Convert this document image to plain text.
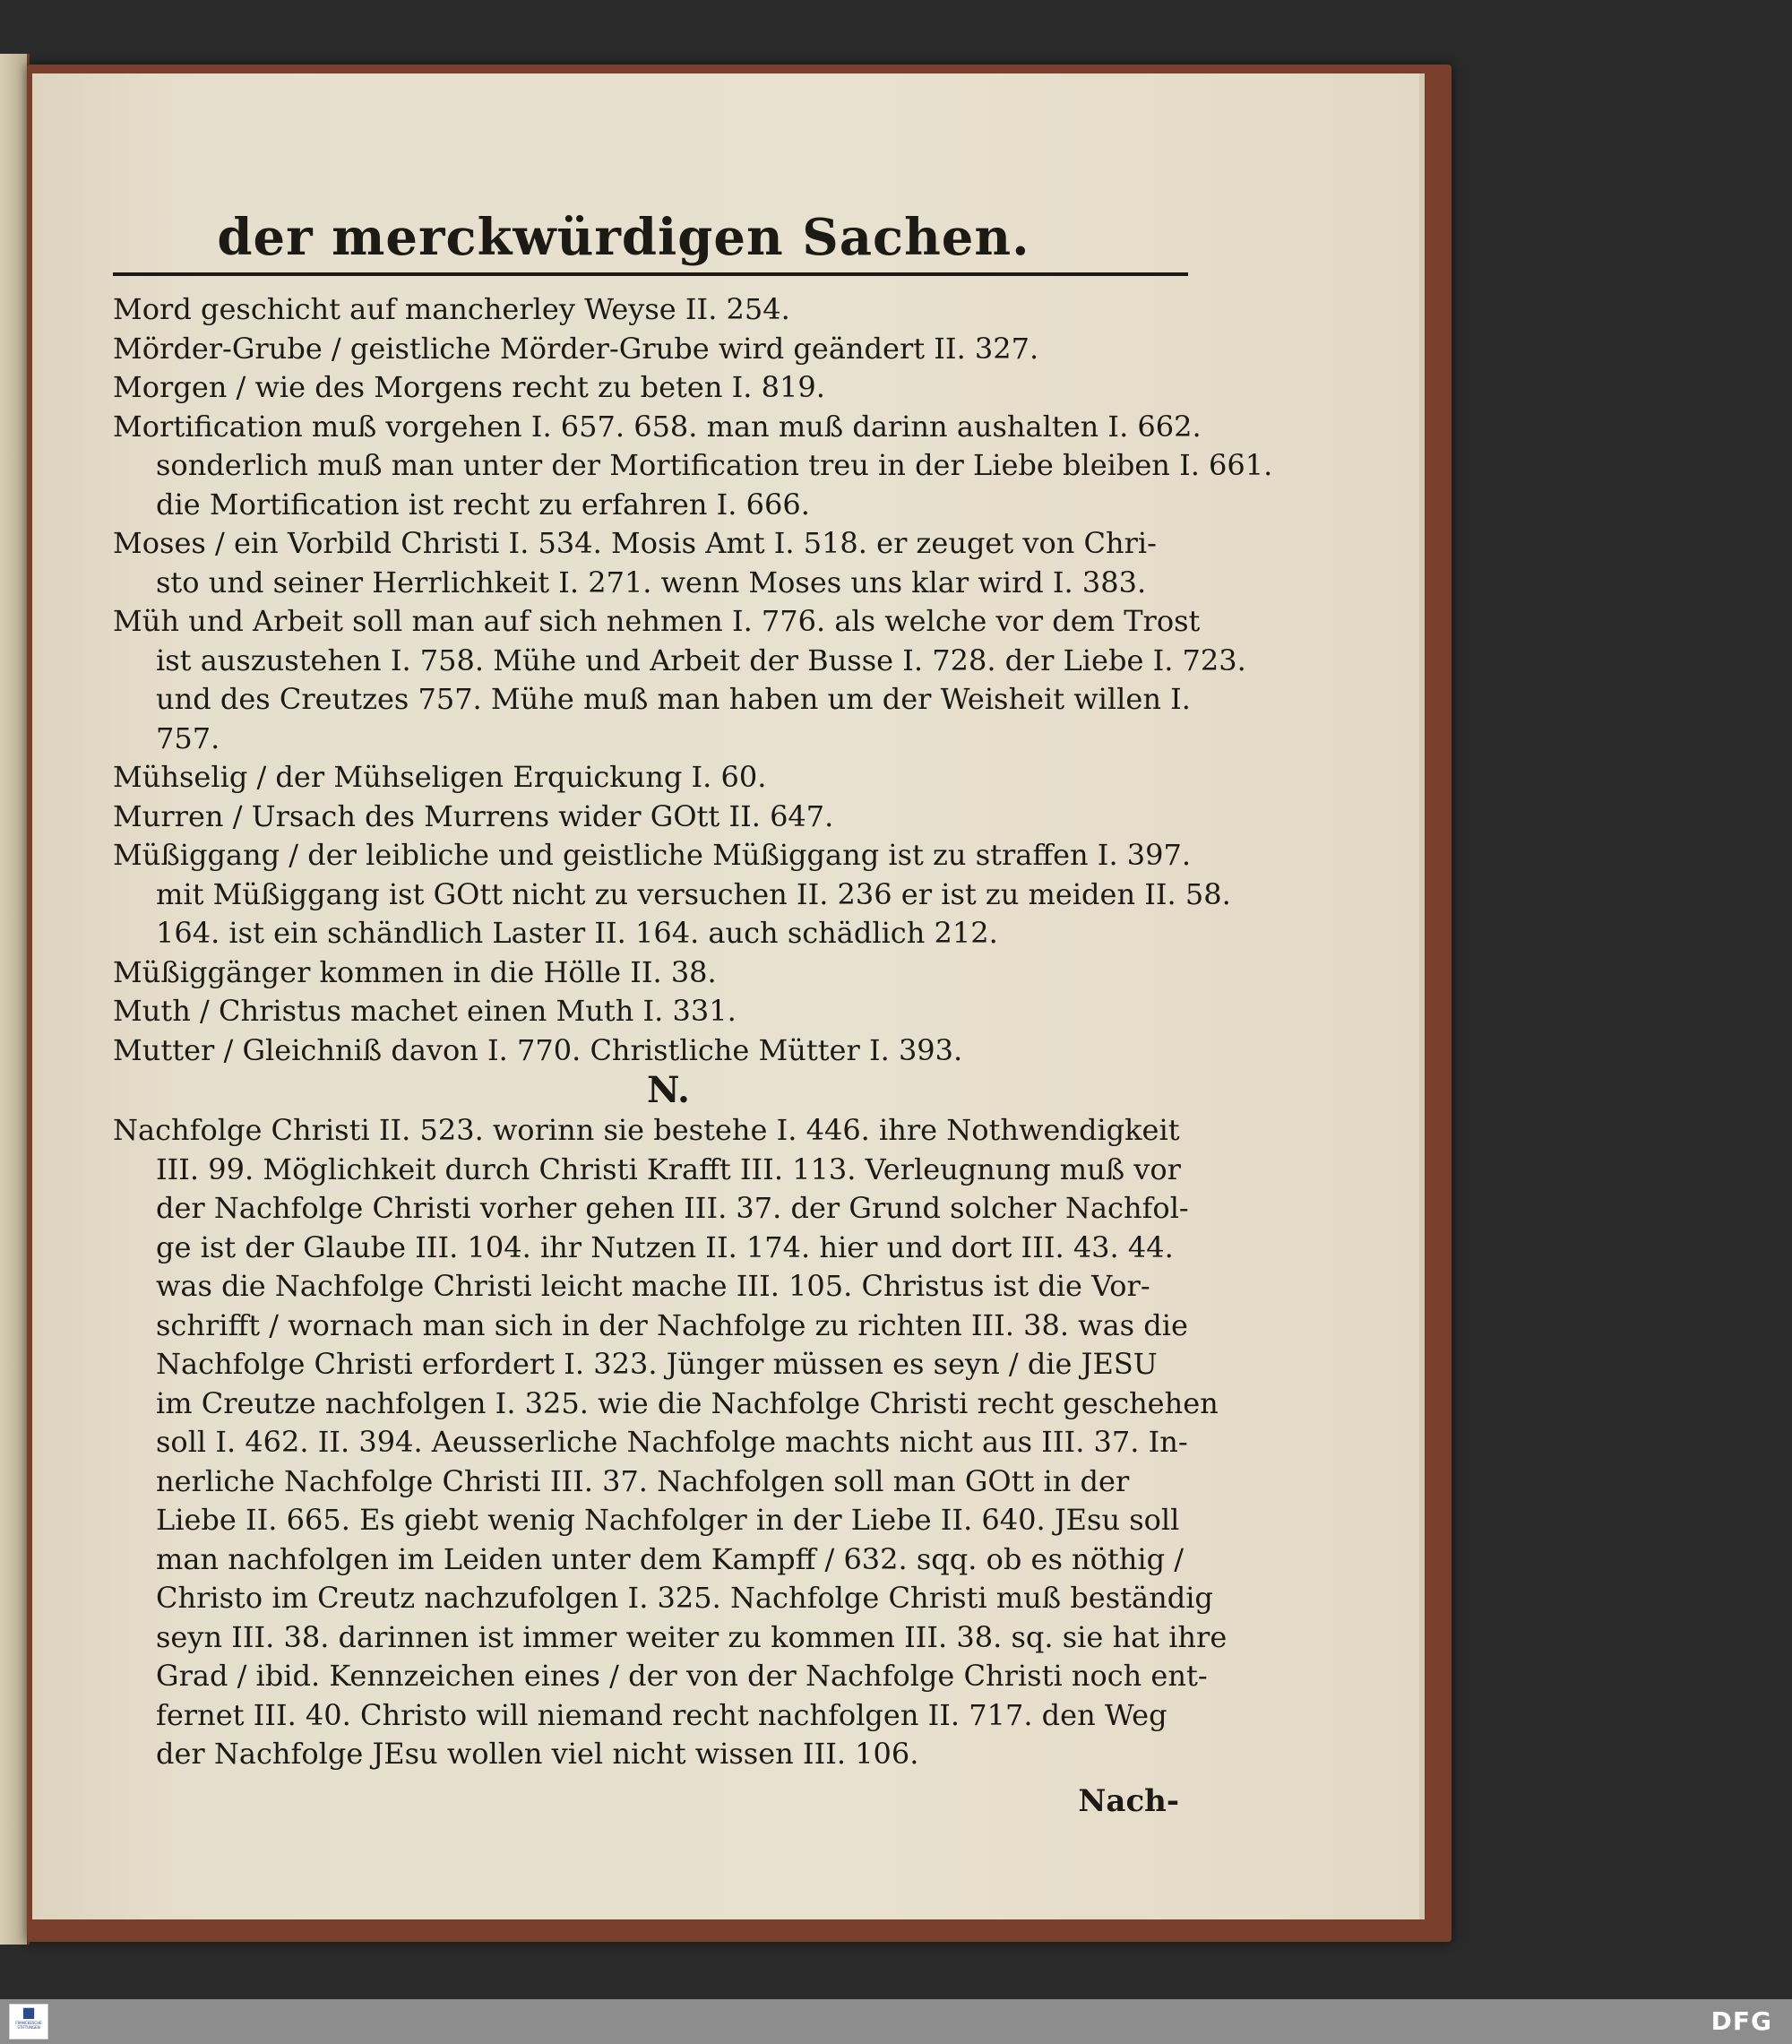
der merckwürdigen Sachen.
Mord geschicht auf mancherley Weyse II. 254.
Mörder-Grube / geistliche Mörder-Grube wird geändert II. 327.
Morgen / wie des Morgens recht zu beten I. 819.
Mortification muß vorgehen I. 657. 658. man muß darinn aushalten I. 662.
sonderlich muß man unter der Mortification treu in der Liebe bleiben I. 661.
die Mortification ist recht zu erfahren I. 666.
Moses / ein Vorbild Christi I. 534. Mosis Amt I. 518. er zeuget von Chri-
sto und seiner Herrlichkeit I. 271. wenn Moses uns klar wird I. 383.
Müh und Arbeit soll man auf sich nehmen I. 776. als welche vor dem Trost
ist auszustehen I. 758. Mühe und Arbeit der Busse I. 728. der Liebe I. 723.
und des Creutzes 757. Mühe muß man haben um der Weisheit willen I.
757.
Mühselig / der Mühseligen Erquickung I. 60.
Murren / Ursach des Murrens wider GOtt II. 647.
Müßiggang / der leibliche und geistliche Müßiggang ist zu straffen I. 397.
mit Müßiggang ist GOtt nicht zu versuchen II. 236 er ist zu meiden II. 58.
164. ist ein schändlich Laster II. 164. auch schädlich 212.
Müßiggänger kommen in die Hölle II. 38.
Muth / Christus machet einen Muth I. 331.
Mutter / Gleichniß davon I. 770. Christliche Mütter I. 393.
N.
Nachfolge Christi II. 523. worinn sie bestehe I. 446. ihre Nothwendigkeit
III. 99. Möglichkeit durch Christi Krafft III. 113. Verleugnung muß vor
der Nachfolge Christi vorher gehen III. 37. der Grund solcher Nachfol-
ge ist der Glaube III. 104. ihr Nutzen II. 174. hier und dort III. 43. 44.
was die Nachfolge Christi leicht mache III. 105. Christus ist die Vor-
schrifft / wornach man sich in der Nachfolge zu richten III. 38. was die
Nachfolge Christi erfordert I. 323. Jünger müssen es seyn / die JESU
im Creutze nachfolgen I. 325. wie die Nachfolge Christi recht geschehen
soll I. 462. II. 394. Aeusserliche Nachfolge machts nicht aus III. 37. In-
nerliche Nachfolge Christi III. 37. Nachfolgen soll man GOtt in der
Liebe II. 665. Es giebt wenig Nachfolger in der Liebe II. 640. JEsu soll
man nachfolgen im Leiden unter dem Kampff / 632. sqq. ob es nöthig /
Christo im Creutz nachzufolgen I. 325. Nachfolge Christi muß beständig
seyn III. 38. darinnen ist immer weiter zu kommen III. 38. sq. sie hat ihre
Grad / ibid. Kennzeichen eines / der von der Nachfolge Christi noch ent-
fernet III. 40. Christo will niemand recht nachfolgen II. 717. den Weg
der Nachfolge JEsu wollen viel nicht wissen III. 106.
Nach-
■
FRANCKESCHE STIFTUNGEN	DFG
